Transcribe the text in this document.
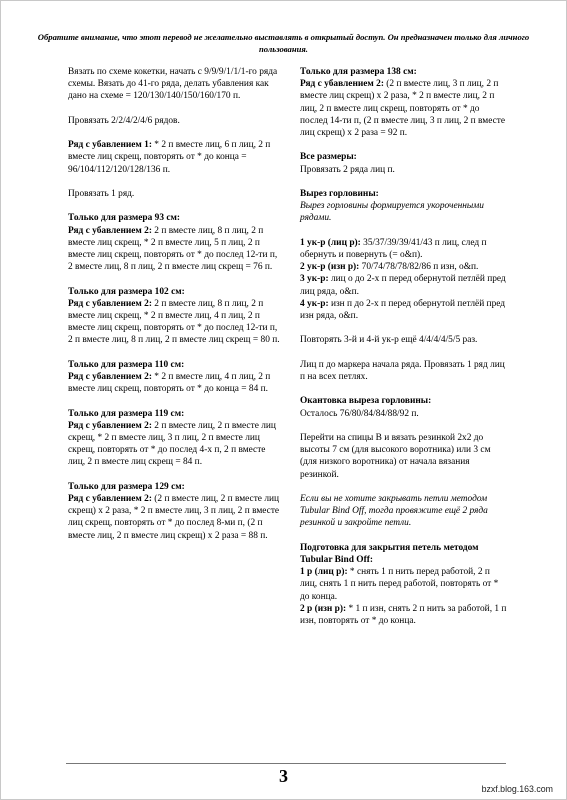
Обратите внимание, что этот перевод не желательно выставлять в открытый доступ. Он предназначен только для личного пользования.

Вязать по схеме кокетки, начать с 9/9/9/1/1/1-го ряда схемы. Вязать до 41-го ряда, делать убавления как дано на схеме = 120/130/140/150/160/170 п.

Провязать 2/2/4/2/4/6 рядов.

Ряд с убавлением 1: * 2 п вместе лиц, 6 п лиц, 2 п вместе лиц скрещ, повторять от * до конца = 96/104/112/120/128/136 п.

Провязать 1 ряд.

Только для размера 93 см:
Ряд с убавлением 2: 2 п вместе лиц, 8 п лиц, 2 п вместе лиц скрещ, * 2 п вместе лиц, 5 п лиц, 2 п вместе лиц скрещ, повторять от * до послед 12-ти п, 2 вместе лиц, 8 п лиц, 2 п вместе лиц скрещ = 76 п.

Только для размера 102 см:
Ряд с убавлением 2: 2 п вместе лиц, 8 п лиц, 2 п вместе лиц скрещ, * 2 п вместе лиц, 4 п лиц, 2 п вместе лиц скрещ, повторять от * до послед 12-ти п, 2 п вместе лиц, 8 п лиц, 2 п вместе лиц скрещ = 80 п.

Только для размера 110 см:
Ряд с убавлением 2: * 2 п вместе лиц, 4 п лиц, 2 п вместе лиц скрещ, повторять от * до конца = 84 п.

Только для размера 119 см:
Ряд с убавлением 2: 2 п вместе лиц, 2 п вместе лиц скрещ, * 2 п вместе лиц, 3 п лиц, 2 п вместе лиц скрещ, повторять от * до послед 4-х п, 2 п вместе лиц, 2 п вместе лиц скрещ = 84 п.

Только для размера 129 см:
Ряд с убавлением 2: (2 п вместе лиц, 2 п вместе лиц скрещ) х 2 раза, * 2 п вместе лиц, 3 п лиц, 2 п вместе лиц скрещ, повторять от * до послед 8-ми п, (2 п вместе лиц, 2 п вместе лиц скрещ) х 2 раза = 88 п.

Только для размера 138 см:
Ряд с убавлением 2: (2 п вместе лиц, 3 п лиц, 2 п вместе лиц скрещ) х 2 раза, * 2 п вместе лиц, 2 п лиц, 2 п вместе лиц скрещ, повторять от * до послед 14-ти п, (2 п вместе лиц, 3 п лиц, 2 п вместе лиц скрещ) х 2 раза = 92 п.

Все размеры:
Провязать 2 ряда лиц п.

Вырез горловины:
Вырез горловины формируется укороченными рядами.

1 ук-р (лиц р): 35/37/39/39/41/43 п лиц, след п обернуть и повернуть (= o&п).
2 ук-р (изн р): 70/74/78/78/82/86 п изн, o&п.
3 ук-р: лиц о до 2-х п перед обернутой петлёй пред лиц ряда, o&п.
4 ук-р: изн п до 2-х п перед обернутой петлёй пред изн ряда, o&п.

Повторять 3-й и 4-й ук-р ещё 4/4/4/4/5/5 раз.

Лиц п до маркера начала ряда. Провязать 1 ряд лиц п на всех петлях.

Окантовка выреза горловины:
Осталось 76/80/84/84/88/92 п.

Перейти на спицы В и вязать резинкой 2х2 до высоты 7 см (для высокого воротника) или 3 см (для низкого воротника) от начала вязания резинкой.

Если вы не хотите закрывать петли методом Tubular Bind Off, тогда провяжите ещё 2 ряда резинкой и закройте петли.

Подготовка для закрытия петель методом Tubular Bind Off:
1 р (лиц р): * снять 1 п нить перед работой, 2 п лиц, снять 1 п нить перед работой, повторять от * до конца.
2 р (изн р): * 1 п изн, снять 2 п нить за работой, 1 п изн, повторять от * до конца.

3
bzxf.blog.163.com
